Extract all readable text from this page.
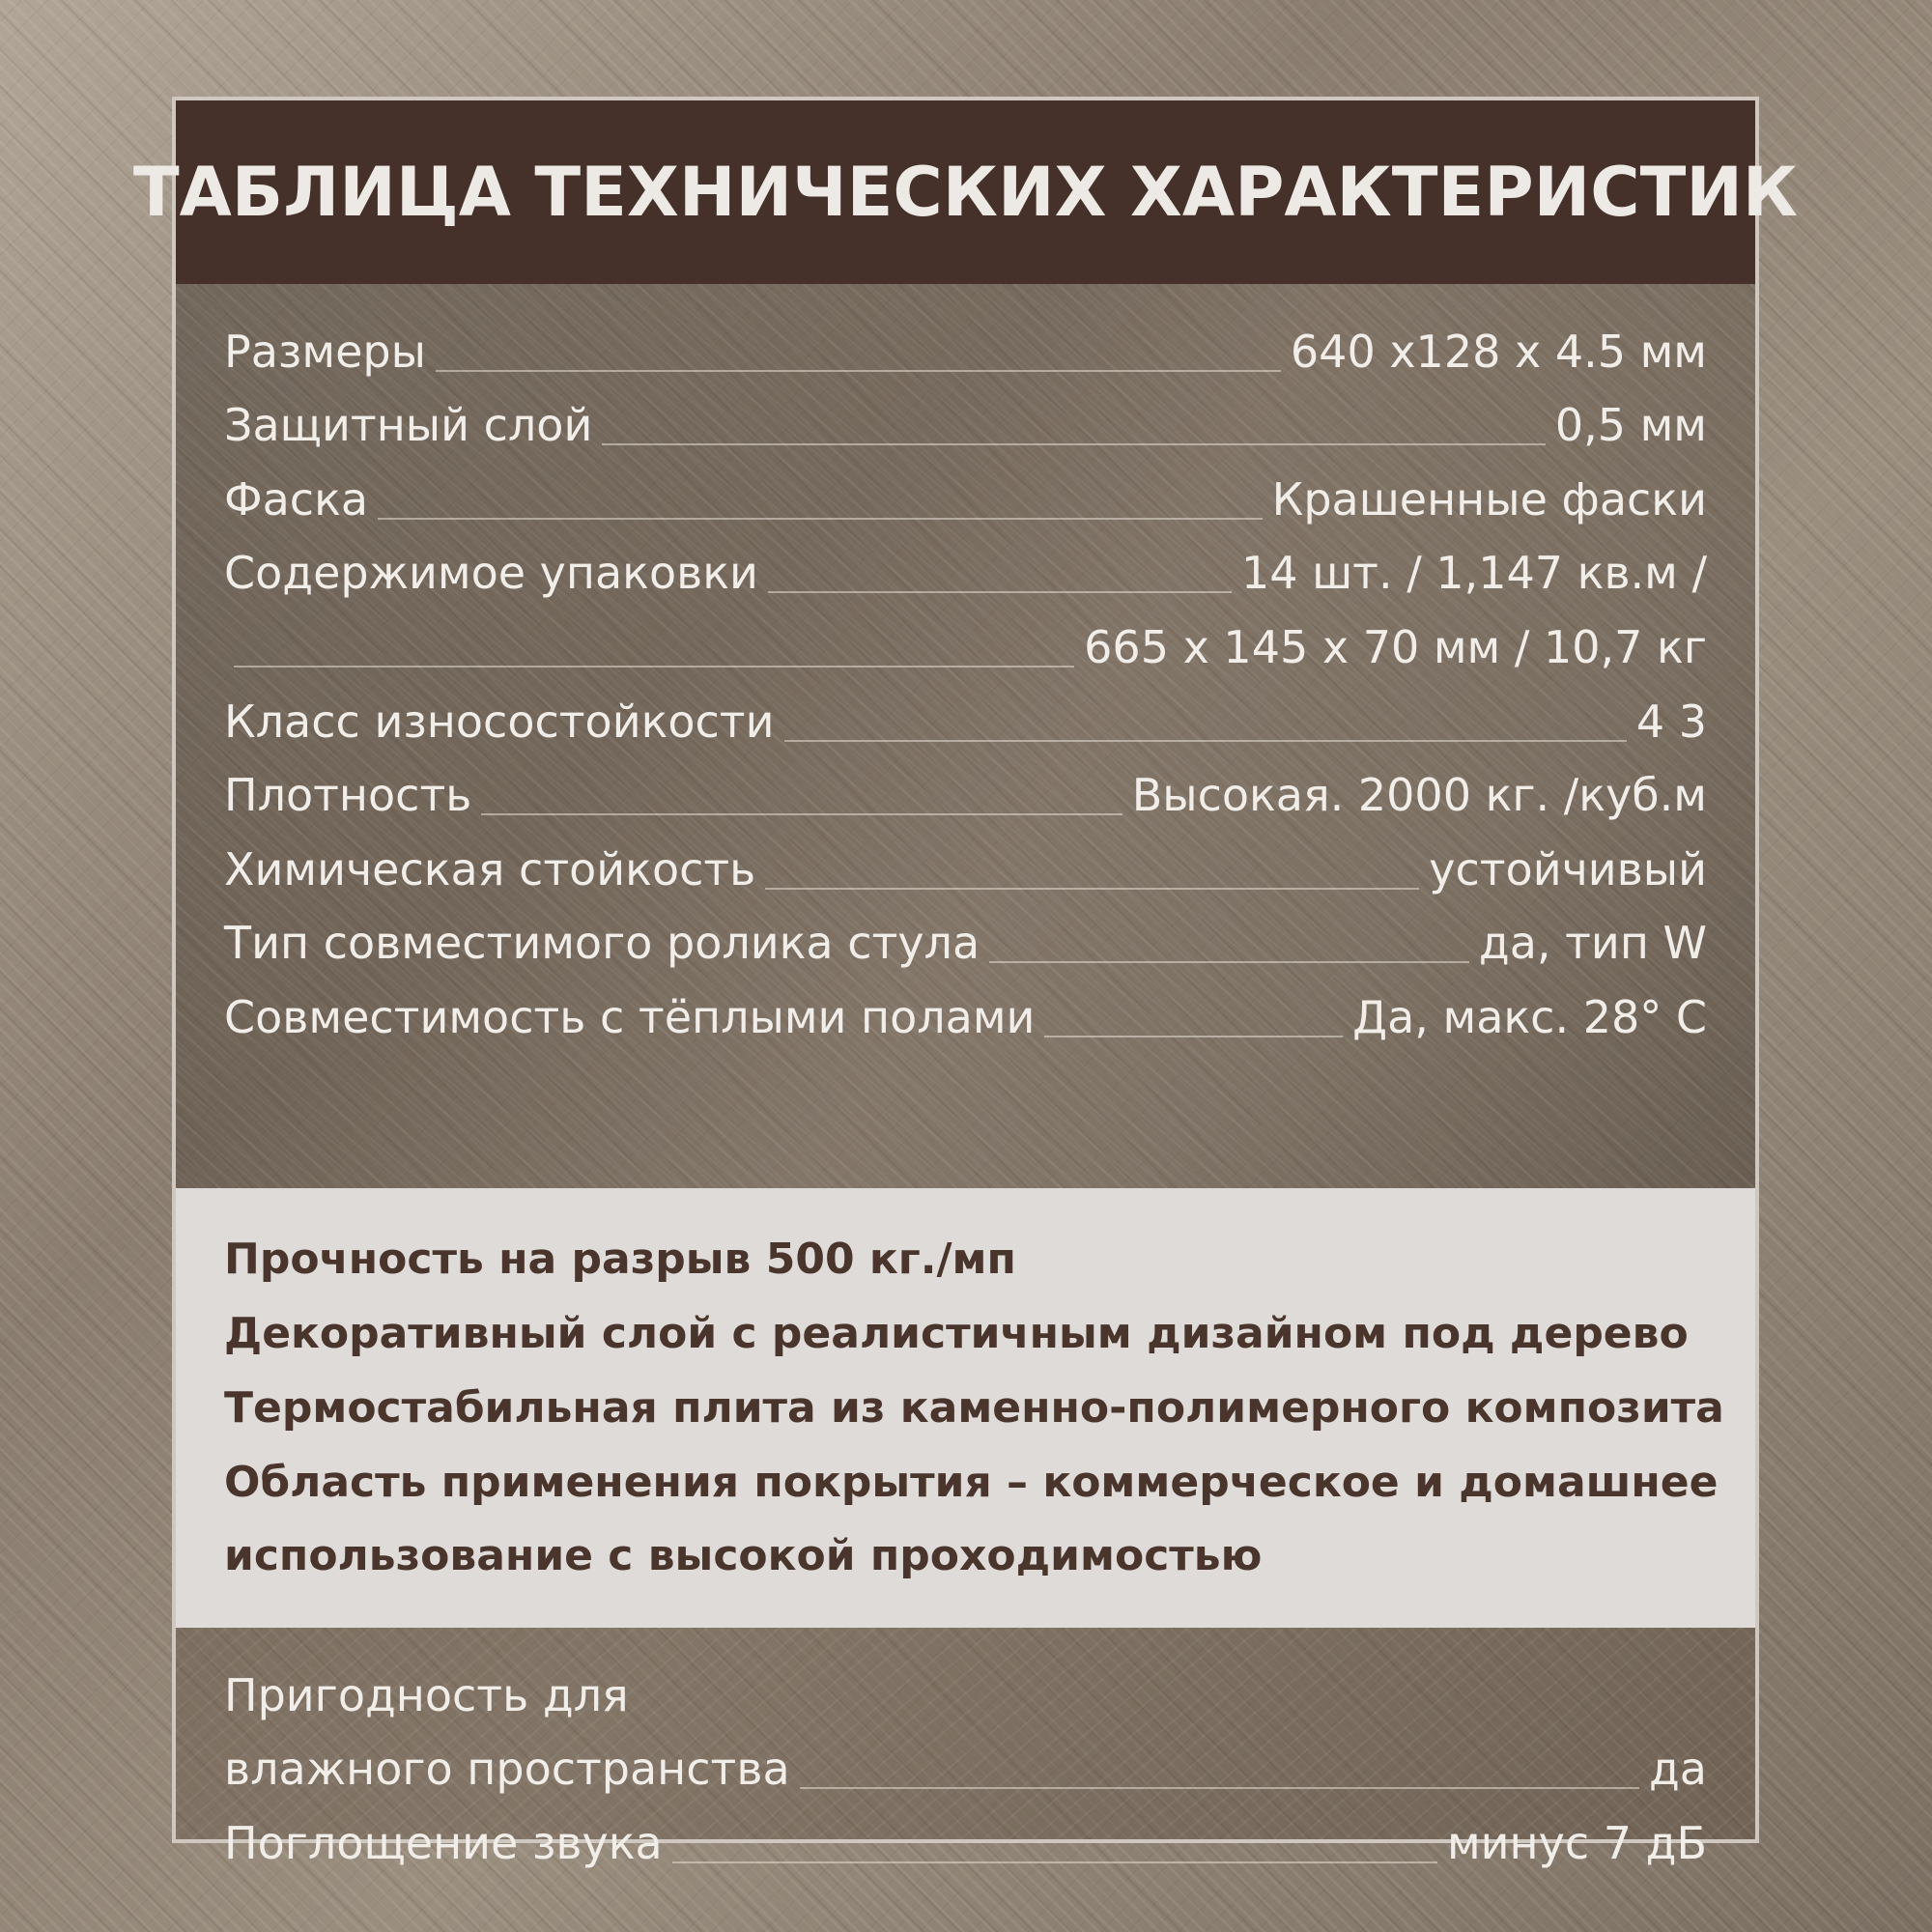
ТАБЛИЦА ТЕХНИЧЕСКИХ ХАРАКТЕРИСТИК
Размеры	640 x128 x 4.5 мм
Защитный слой	0,5 мм
Фаска	Крашенные фаски
Содержимое упаковки	14 шт. / 1,147 кв.м /
665 x 145 x 70 мм / 10,7 кг
Класс износостойкости	4 3
Плотность	Высокая. 2000 кг. /куб.м
Химическая стойкость	устойчивый
Тип совместимого ролика стула	да, тип W
Совместимость с тёплыми полами	Да, макс. 28° C
Прочность на разрыв 500 кг./мп
Декоративный слой с реалистичным дизайном под дерево
Термостабильная плита из каменно-полимерного композита
Область применения покрытия – коммерческое и домашнее
использование с высокой проходимостью
Пригодность для
влажного пространства	да
Поглощение звука	минус 7 дБ
